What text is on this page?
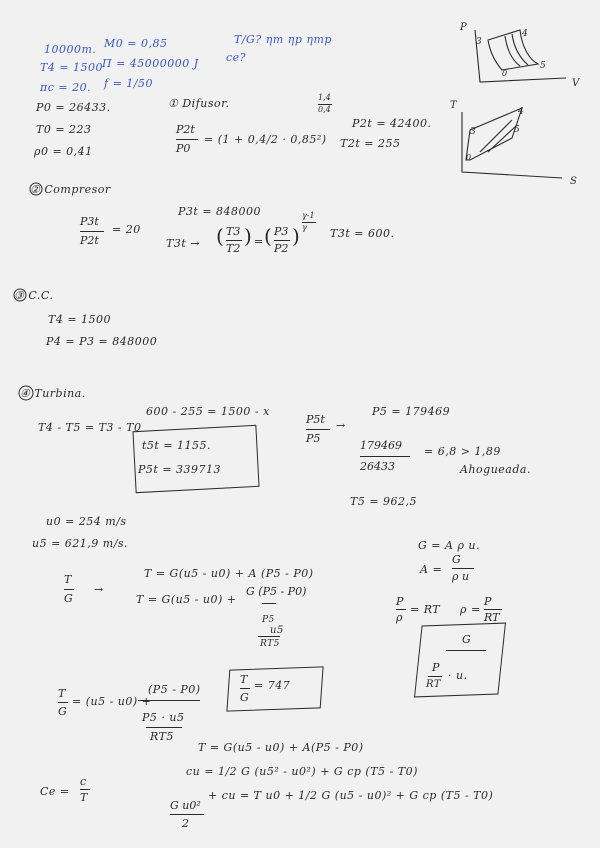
10000m. M0 = 0,85	T/G? ηm ηp ηmp
ce?
T4 = 1500
Π = 45000000 J
πc = 20. f = 1/50
P0 = 26433.
T0 = 223
ρ0 = 0,41
① Difusor.
P2t
P0
= (1 + 0,4/2 · 0,85²)
1,4
0,4
P2t = 42400.
T2t = 255
② Compresor
P3t
P2t
= 20
P3t = 848000
T3t → ( T3
T2
) = ( P3
P2
)
γ-1
γ T3t = 600.
③ C.C.
T4 = 1500
P4 = P3 = 848000
④ Turbina.
T4 - T5 = T3 - T0
600 - 255 = 1500 - x
t5t = 1155.
P5t = 339713
P5t
P5
→
P5 = 179469
179469
26433
= 6,8 > 1,89
Ahogueada.
T5 = 962,5
u0 = 254 m/s
u5 = 621,9 m/s.
T
G
→
T = G(u5 - u0) + A (P5 - P0)
T = G(u5 - u0) +
G (P5 - P0)
P5
u5
RT5
G = A ρ u.
A =
G
ρ u
P
ρ
= RT ρ =
P
RT
G
P
RT
· u.
T
G
= (u5 - u0) +
(P5 - P0)
P5 · u5
RT5
T
G
= 747
T = G(u5 - u0) + A(P5 - P0)
cu = 1/2 G (u5² - u0²) + G cp (T5 - T0)
Ce =
c
T
G u0²
2
+ cu = T u0 + 1/2 G (u5 - u0)² + G cp (T5 - T0)
P
V
3
4
5
0
T
S
3
4
5
0
